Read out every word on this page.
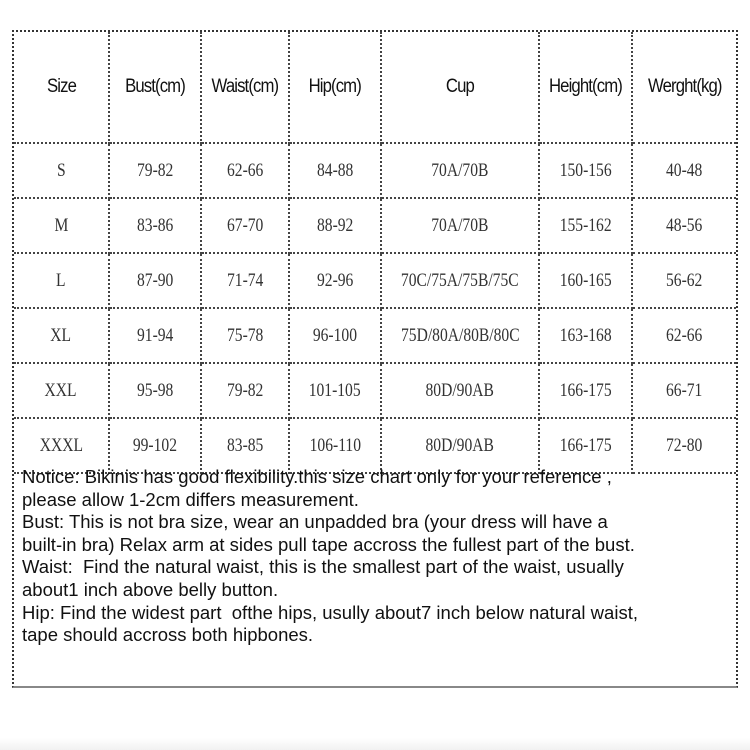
Size	Bust(cm)	Waist(cm)	Hip(cm)	Cup	Height(cm)	Werght(kg)
S	79-82	62-66	84-88	70A/70B	150-156	40-48
M	83-86	67-70	88-92	70A/70B	155-162	48-56
L	87-90	71-74	92-96	70C/75A/75B/75C	160-165	56-62
XL	91-94	75-78	96-100	75D/80A/80B/80C	163-168	62-66
XXL	95-98	79-82	101-105	80D/90AB	166-175	66-71
XXXL	99-102	83-85	106-110	80D/90AB	166-175	72-80

Notice: Bikinis has good flexibility.this size chart only for your reference ,

please allow 1-2cm differs measurement.

Bust: This is not bra size, wear an unpadded bra (your dress will have a

built-in bra) Relax arm at sides pull tape accross the fullest part of the bust.

Waist:  Find the natural waist, this is the smallest part of the waist, usually

about1 inch above belly button.

Hip: Find the widest part  ofthe hips, usully about7 inch below natural waist,

tape should accross both hipbones.
